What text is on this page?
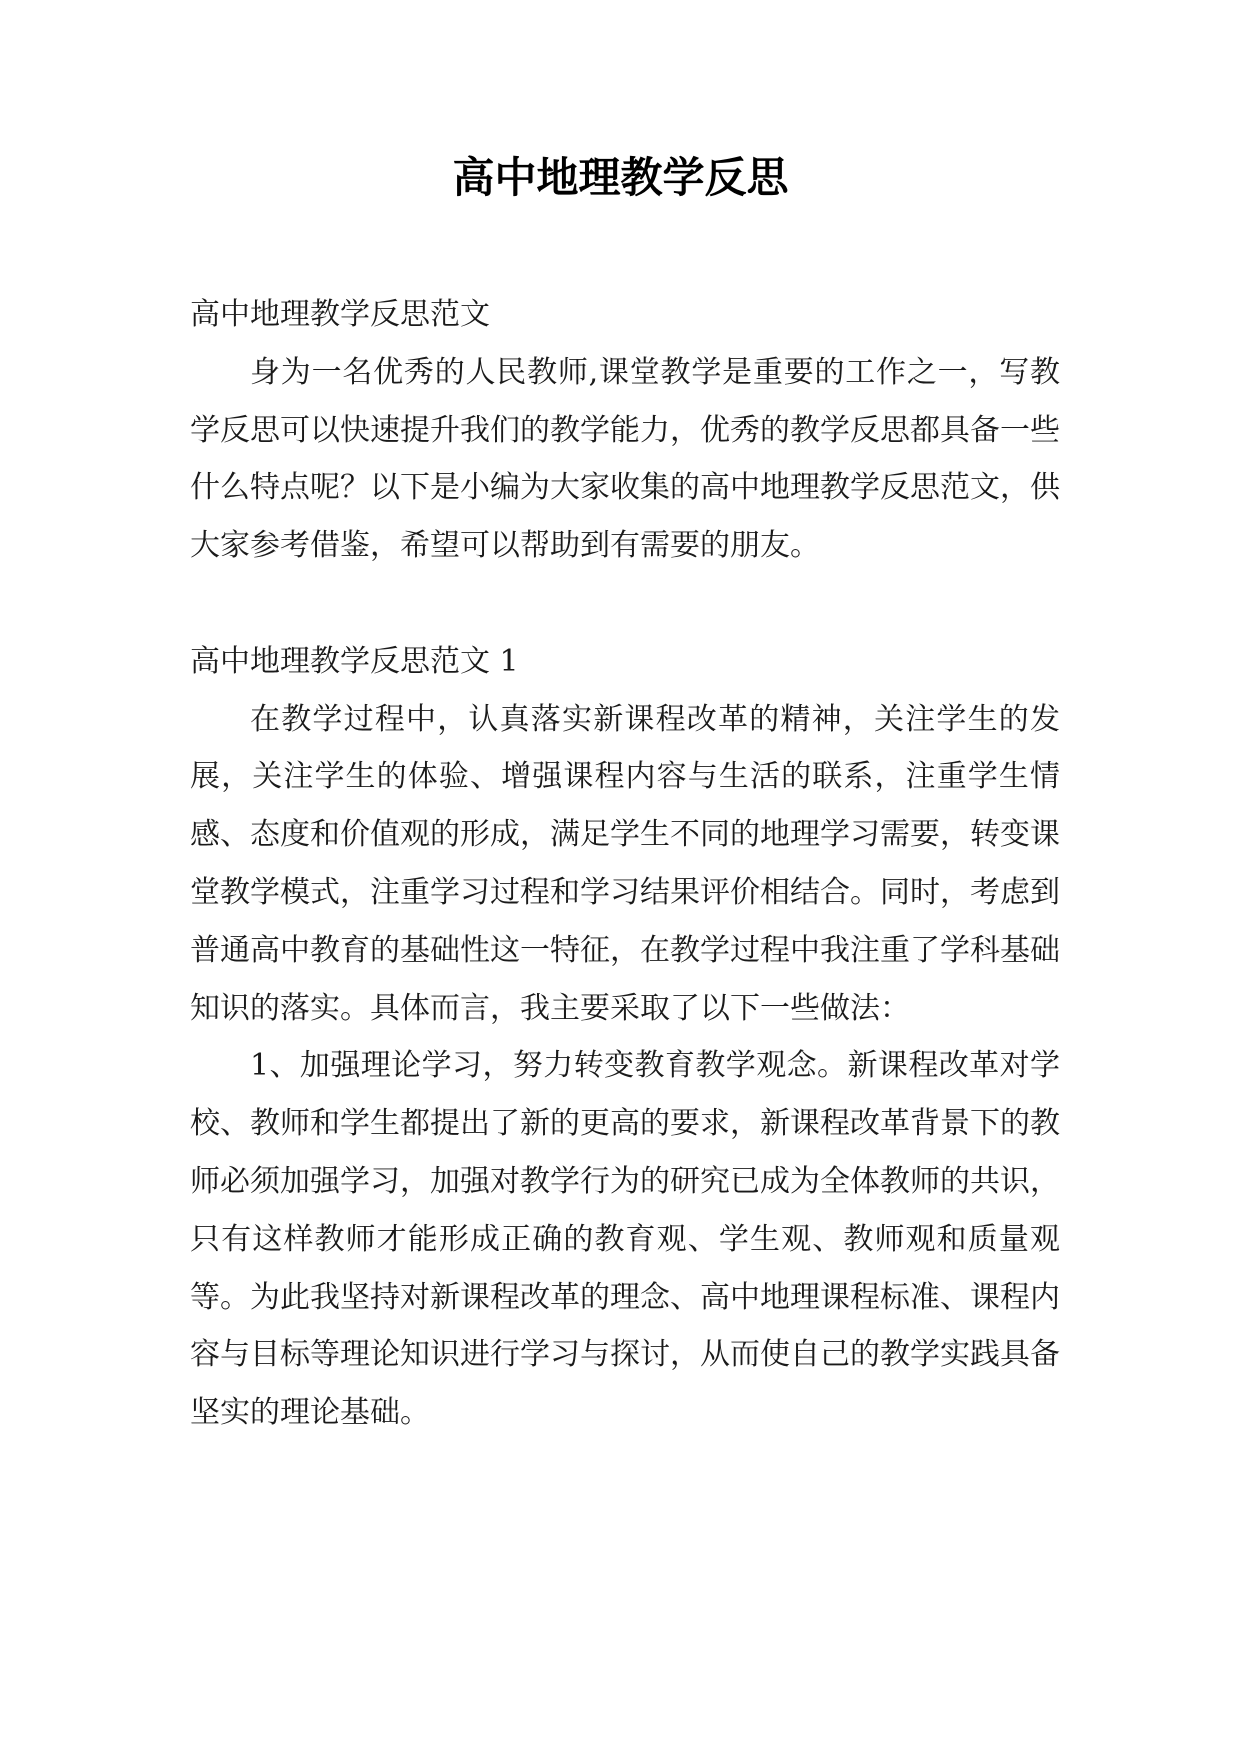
高中地理教学反思

高中地理教学反思范文

身为一名优秀的人民教师,课堂教学是重要的工作之一，写教学反思可以快速提升我们的教学能力，优秀的教学反思都具备一些什么特点呢？以下是小编为大家收集的高中地理教学反思范文，供大家参考借鉴，希望可以帮助到有需要的朋友。

高中地理教学反思范文 1

在教学过程中，认真落实新课程改革的精神，关注学生的发展，关注学生的体验、增强课程内容与生活的联系，注重学生情感、态度和价值观的形成，满足学生不同的地理学习需要，转变课堂教学模式，注重学习过程和学习结果评价相结合。同时，考虑到普通高中教育的基础性这一特征，在教学过程中我注重了学科基础知识的落实。具体而言，我主要采取了以下一些做法：

1、加强理论学习，努力转变教育教学观念。新课程改革对学校、教师和学生都提出了新的更高的要求，新课程改革背景下的教师必须加强学习，加强对教学行为的研究已成为全体教师的共识，只有这样教师才能形成正确的教育观、学生观、教师观和质量观等。为此我坚持对新课程改革的理念、高中地理课程标准、课程内容与目标等理论知识进行学习与探讨，从而使自己的教学实践具备坚实的理论基础。
